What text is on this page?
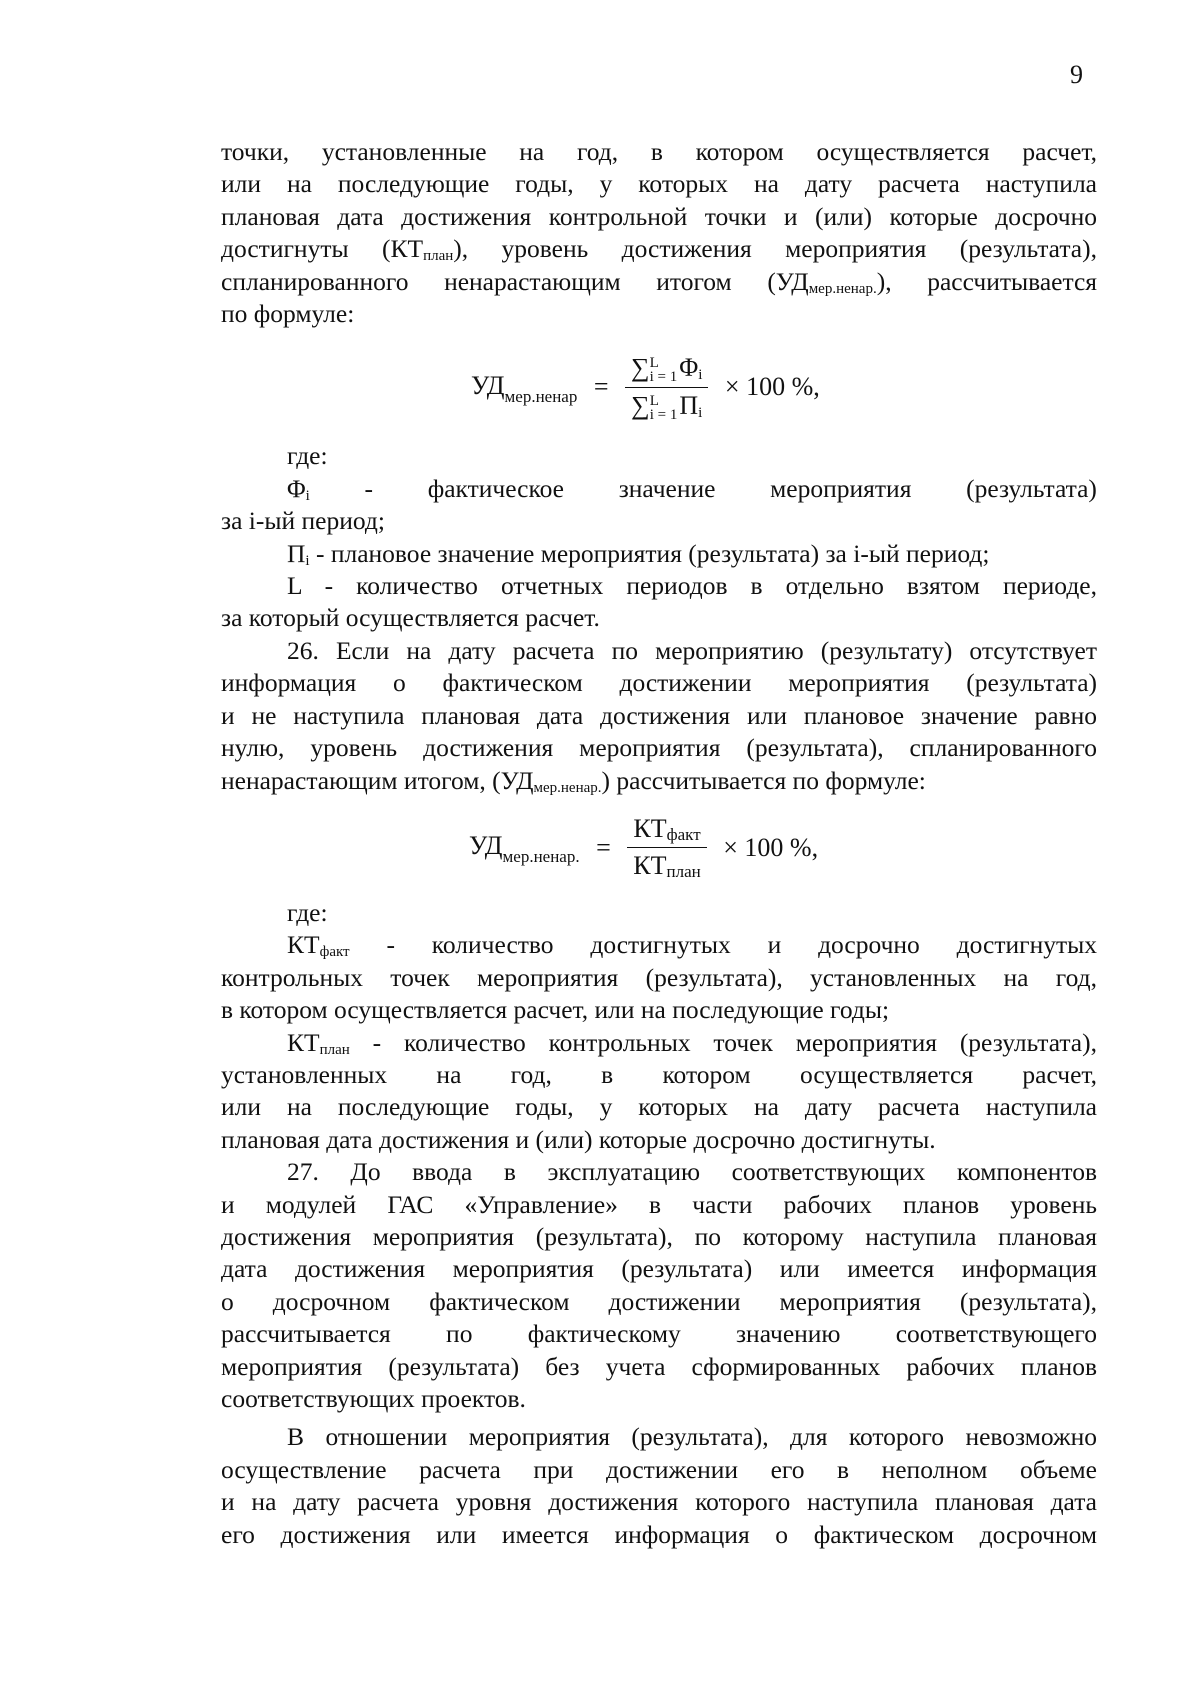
9

точки, установленные на год, в котором осуществляется расчет,

или на последующие годы, у которых на дату расчета наступила

плановая дата достижения контрольной точки и (или) которые досрочно

достигнуты $(КТ_{план})$, уровень достижения мероприятия (результата),

спланированного ненарастающим итогом $(УД_{мер.ненар.})$, рассчитывается

по формуле:

$УД_{мер.ненар}$ = ∑ L
i = 1 $\Phi_i$
∑ L
i = 1 $\Pi_i \times 100$ %,

где:

$\Phi_i$ - фактическое значение мероприятия (результата)

за i-ый период;

$\Pi_i$ - плановое значение мероприятия (результата) за i-ый период;

L - количество отчетных периодов в отдельно взятом периоде,

за который осуществляется расчет.

26. Если на дату расчета по мероприятию (результату) отсутствует

информация о фактическом достижении мероприятия (результата)

и не наступила плановая дата достижения или плановое значение равно

нулю, уровень достижения мероприятия (результата), спланированного

ненарастающим итогом, $(УД_{мер.ненар.})$ рассчитывается по формуле:

$УД_{мер.ненар.} = \frac{КТ_{факт}}{КТ_{план}} \times 100$ %,

где:

$КТ_{факт}$ - количество достигнутых и досрочно достигнутых

контрольных точек мероприятия (результата), установленных на год,

в котором осуществляется расчет, или на последующие годы;

$КТ_{план}$ - количество контрольных точек мероприятия (результата),

установленных на год, в котором осуществляется расчет,

или на последующие годы, у которых на дату расчета наступила

плановая дата достижения и (или) которые досрочно достигнуты.

27. До ввода в эксплуатацию соответствующих компонентов

и модулей ГАС «Управление» в части рабочих планов уровень

достижения мероприятия (результата), по которому наступила плановая

дата достижения мероприятия (результата) или имеется информация

о досрочном фактическом достижении мероприятия (результата),

рассчитывается по фактическому значению соответствующего

мероприятия (результата) без учета сформированных рабочих планов

соответствующих проектов.

В отношении мероприятия (результата), для которого невозможно

осуществление расчета при достижении его в неполном объеме

и на дату расчета уровня достижения которого наступила плановая дата

его достижения или имеется информация о фактическом досрочном
